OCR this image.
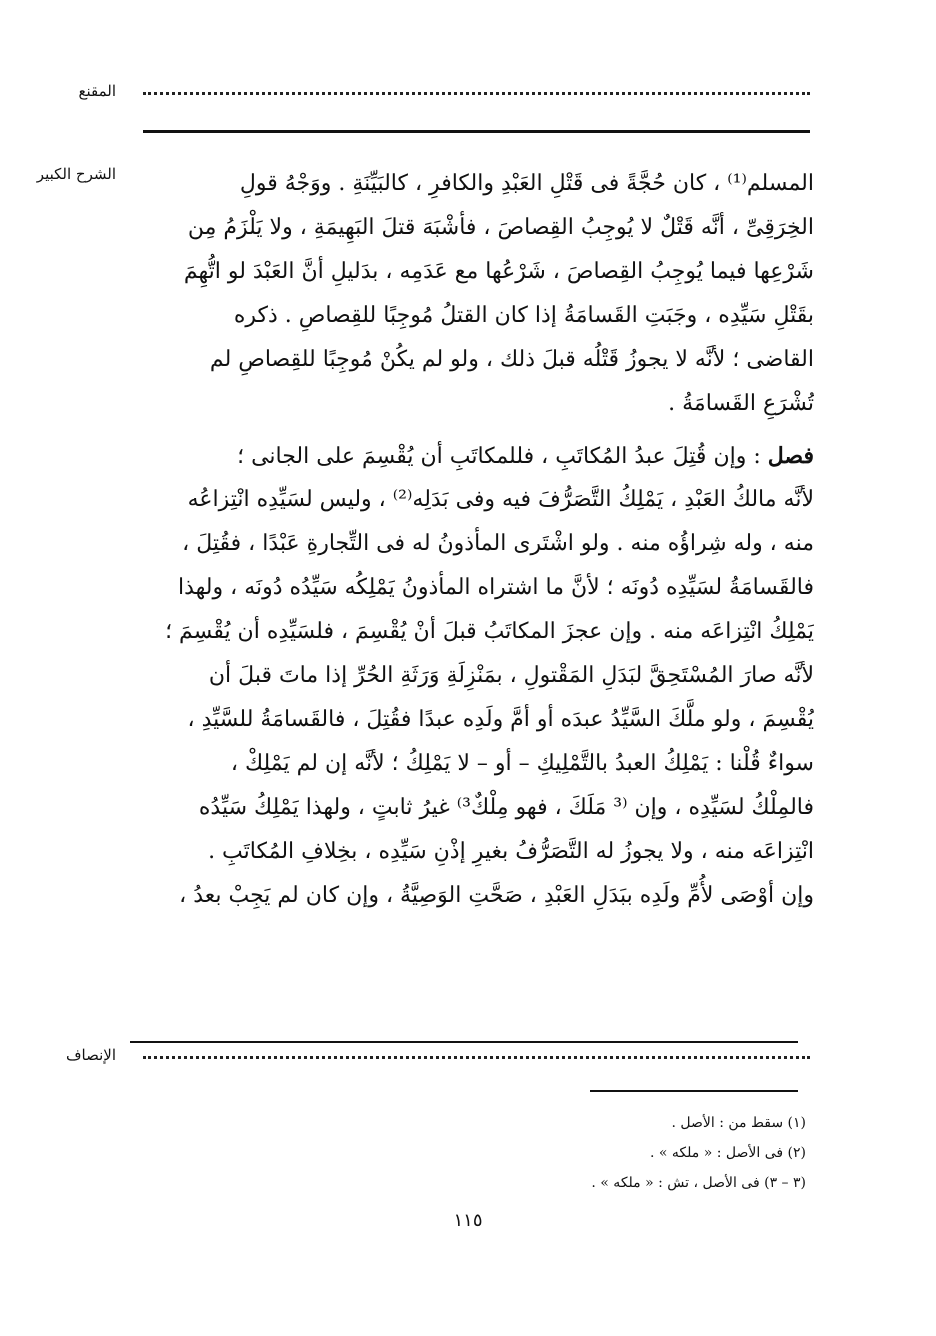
المقنع
الشرح الكبير	المسلم⁽¹⁾ ، كان حُجَّةً فى قَتْلِ العَبْدِ والكافرِ ، كالبَيِّنَةِ . ووَجْهُ قولِ
الخِرَقِىِّ ، أنَّه قَتْلٌ لا يُوجِبُ القِصاصَ ، فأشْبَهَ قتلَ البَهِيمَةِ ، ولا يَلْزَمُ مِن
شَرْعِها فيما يُوجِبُ القِصاصَ ، شَرْعُها مع عَدَمِه ، بدَليلِ أنَّ العَبْدَ لو اتُّهِمَ
بقَتْلِ سَيِّدِه ، وجَبَتِ القَسامَةُ إذا كان القتلُ مُوجِبًا للقِصاصِ . ذكره
القاضى ؛ لأنَّه لا يجوزُ قَتْلُه قبلَ ذلك ، ولو لم يكُنْ مُوجِبًا للقِصاصِ لم
تُشْرَعِ القَسامَةُ .
فصل : وإن قُتِلَ عبدُ المُكاتَبِ ، فللمكاتَبِ أن يُقْسِمَ على الجانى ؛
لأنَّه مالكُ العَبْدِ ، يَمْلِكُ التَّصَرُّفَ فيه وفى بَدَلِه⁽²⁾ ، وليس لسَيِّدِه انْتِزاعُه
منه ، وله شِراؤُه منه . ولو اشْتَرى المأذونُ له فى التِّجارةِ عَبْدًا ، فقُتِلَ ،
فالقَسامَةُ لسَيِّدِه دُونَه ؛ لأنَّ ما اشتراه المأذونُ يَمْلِكُه سَيِّدُه دُونَه ، ولهذا
يَمْلِكُ انْتِزاعَه منه . وإن عجزَ المكاتَبُ قبلَ أنْ يُقْسِمَ ، فلسَيِّدِه أن يُقْسِمَ ؛
لأنَّه صارَ المُسْتَحِقَّ لبَدَلِ المَقْتولِ ، بمَنْزِلَةِ وَرَثَةِ الحُرِّ إذا ماتَ قبلَ أن
يُقْسِمَ ، ولو ملَّكَ السَّيِّدُ عبدَه أو أمَّ ولَدِه عبدًا فقُتِلَ ، فالقَسامَةُ للسَّيِّدِ ،
سواءٌ قُلْنا : يَمْلِكُ العبدُ بالتَّمْلِيكِ – أو – لا يَمْلِكُ ؛ لأنَّه إن لم يَمْلِكْ ،
فالمِلْكُ لسَيِّدِه ، وإن ⁽³ مَلَكَ ، فهو مِلْكٌ³⁾ غيرُ ثابتٍ ، ولهذا يَمْلِكُ سَيِّدُه
انْتِزاعَه منه ، ولا يجوزُ له التَّصَرُّفُ بغيرِ إذْنِ سَيِّدِه ، بخِلافِ المُكاتَبِ .
وإن أوْصَى لأُمِّ ولَدِه ببَدَلِ العَبْدِ ، صَحَّتِ الوَصِيَّةُ ، وإن كان لم يَجِبْ بعدُ ،
الإنصاف
(١) سقط من : الأصل .
(٢) فى الأصل : « ملكه » .
(٣ – ٣) فى الأصل ، تش : « ملكه » .
١١٥
